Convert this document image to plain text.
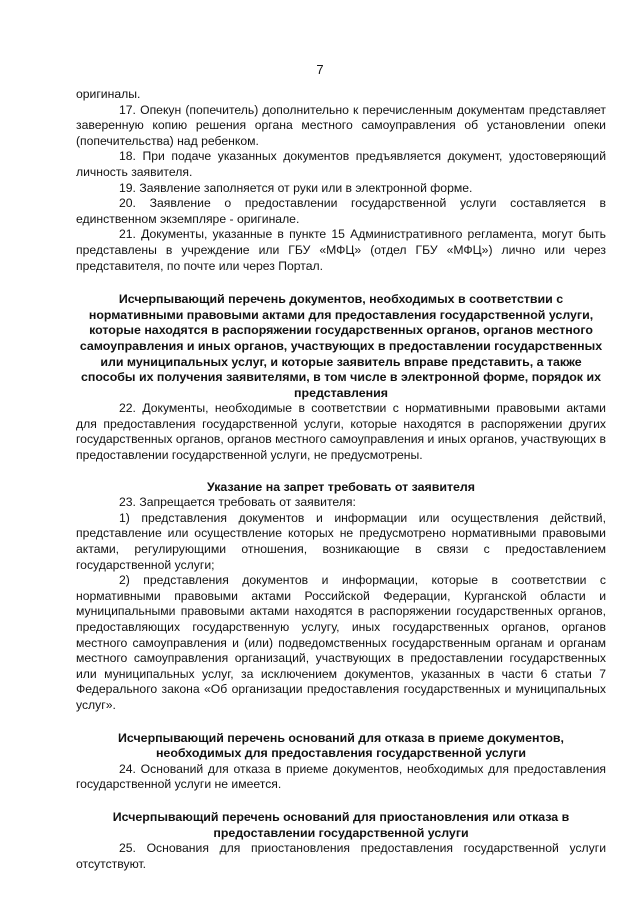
7

оригиналы.

17. Опекун (попечитель) дополнительно к перечисленным документам представляет заверенную копию решения органа местного самоуправления об установлении опеки (попечительства) над ребенком.

18. При подаче указанных документов предъявляется документ, удостоверяющий личность заявителя.

19. Заявление заполняется от руки или в электронной форме.

20. Заявление о предоставлении государственной услуги составляется в единственном экземпляре - оригинале.

21. Документы, указанные в пункте 15 Административного регламента, могут быть представлены в учреждение или ГБУ «МФЦ» (отдел ГБУ «МФЦ») лично или через представителя, по почте или через Портал.

Исчерпывающий перечень документов, необходимых в соответствии с нормативными правовыми актами для предоставления государственной услуги, которые находятся в распоряжении государственных органов, органов местного самоуправления и иных органов, участвующих в предоставлении государственных или муниципальных услуг, и которые заявитель вправе представить, а также способы их получения заявителями, в том числе в электронной форме, порядок их представления

22. Документы, необходимые в соответствии с нормативными правовыми актами для предоставления государственной услуги, которые находятся в распоряжении других государственных органов, органов местного самоуправления и иных органов, участвующих в предоставлении государственной услуги, не предусмотрены.

Указание на запрет требовать от заявителя

23. Запрещается требовать от заявителя:

1) представления документов и информации или осуществления действий, представление или осуществление которых не предусмотрено нормативными правовыми актами, регулирующими отношения, возникающие в связи с предоставлением государственной услуги;

2) представления документов и информации, которые в соответствии с нормативными правовыми актами Российской Федерации, Курганской области и муниципальными правовыми актами находятся в распоряжении государственных органов, предоставляющих государственную услугу, иных государственных органов, органов местного самоуправления и (или) подведомственных государственным органам и органам местного самоуправления организаций, участвующих в предоставлении государственных или муниципальных услуг, за исключением документов, указанных в части 6 статьи 7 Федерального закона «Об организации предоставления государственных и муниципальных услуг».

Исчерпывающий перечень оснований для отказа в приеме документов, необходимых для предоставления государственной услуги

24. Оснований для отказа в приеме документов, необходимых для предоставления государственной услуги не имеется.

Исчерпывающий перечень оснований для приостановления или отказа в предоставлении государственной услуги

25. Основания для приостановления предоставления государственной услуги отсутствуют.
